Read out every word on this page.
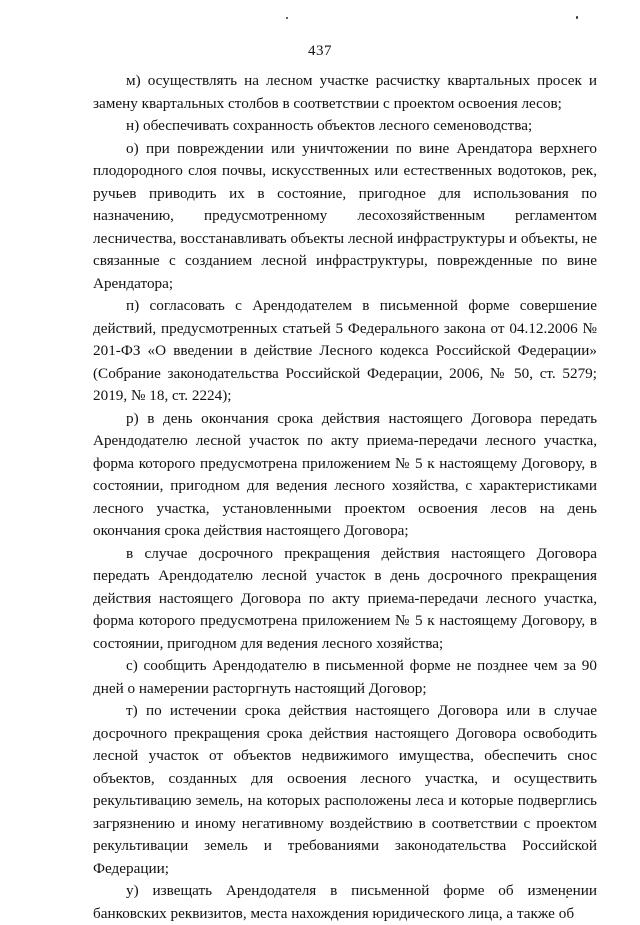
437

м) осуществлять на лесном участке расчистку квартальных просек и замену квартальных столбов в соответствии с проектом освоения лесов;

н) обеспечивать сохранность объектов лесного семеноводства;

о) при повреждении или уничтожении по вине Арендатора верхнего плодородного слоя почвы, искусственных или естественных водотоков, рек, ручьев приводить их в состояние, пригодное для использования по назначению, предусмотренному лесохозяйственным регламентом лесничества, восстанавливать объекты лесной инфраструктуры и объекты, не связанные с созданием лесной инфраструктуры, поврежденные по вине Арендатора;

п) согласовать с Арендодателем в письменной форме совершение действий, предусмотренных статьей 5 Федерального закона от 04.12.2006 № 201-ФЗ «О введении в действие Лесного кодекса Российской Федерации» (Собрание законодательства Российской Федерации, 2006, № 50, ст. 5279; 2019, № 18, ст. 2224);

р) в день окончания срока действия настоящего Договора передать Арендодателю лесной участок по акту приема-передачи лесного участка, форма которого предусмотрена приложением № 5 к настоящему Договору, в состоянии, пригодном для ведения лесного хозяйства, с характеристиками лесного участка, установленными проектом освоения лесов на день окончания срока действия настоящего Договора;

в случае досрочного прекращения действия настоящего Договора передать Арендодателю лесной участок в день досрочного прекращения действия настоящего Договора по акту приема-передачи лесного участка, форма которого предусмотрена приложением № 5 к настоящему Договору, в состоянии, пригодном для ведения лесного хозяйства;

с) сообщить Арендодателю в письменной форме не позднее чем за 90 дней о намерении расторгнуть настоящий Договор;

т) по истечении срока действия настоящего Договора или в случае досрочного прекращения срока действия настоящего Договора освободить лесной участок от объектов недвижимого имущества, обеспечить снос объектов, созданных для освоения лесного участка, и осуществить рекультивацию земель, на которых расположены леса и которые подверглись загрязнению и иному негативному воздействию в соответствии с проектом рекультивации земель и требованиями законодательства Российской Федерации;

у) извещать Арендодателя в письменной форме об изменении банковских реквизитов, места нахождения юридического лица, а также об
